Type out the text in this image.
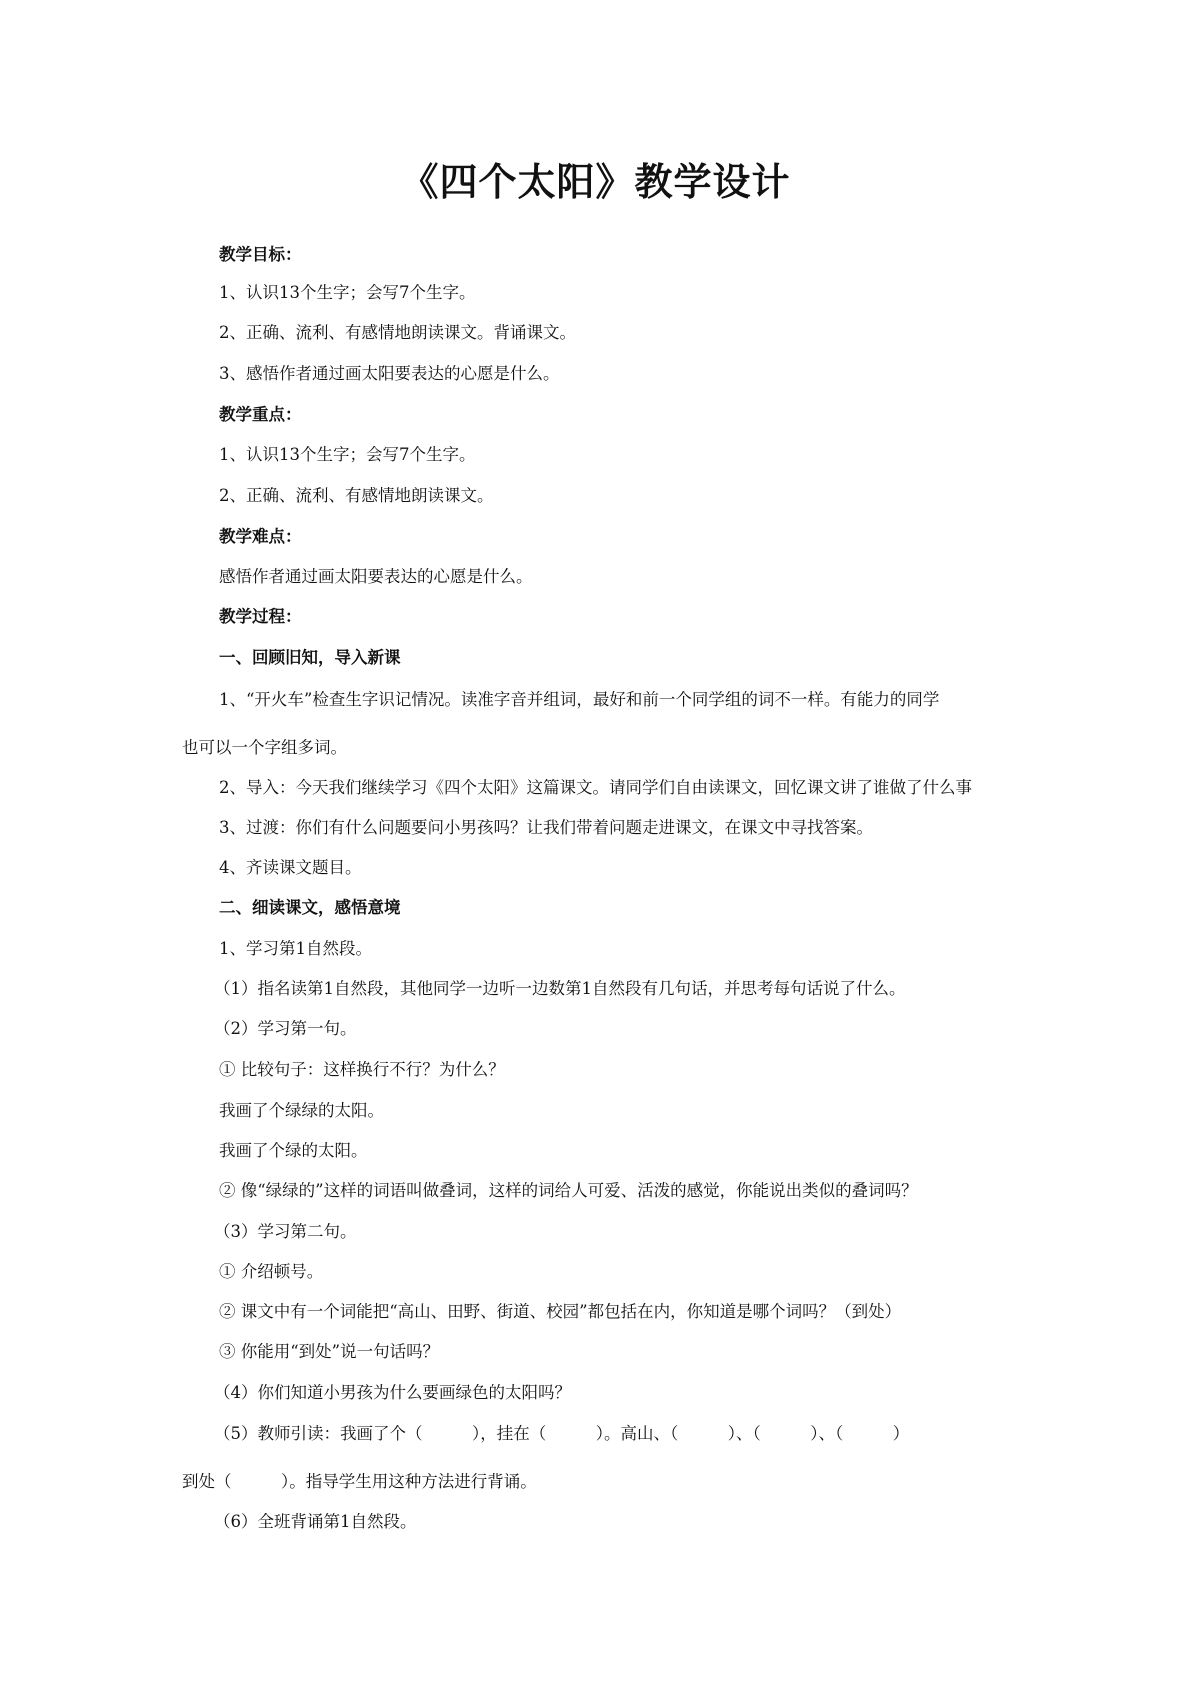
《四个太阳》教学设计
教学目标：
1、认识13个生字；会写7个生字。
2、正确、流利、有感情地朗读课文。背诵课文。
3、感悟作者通过画太阳要表达的心愿是什么。
教学重点：
1、认识13个生字；会写7个生字。
2、正确、流利、有感情地朗读课文。
教学难点：
感悟作者通过画太阳要表达的心愿是什么。
教学过程：
一、回顾旧知，导入新课
1、“开火车”检查生字识记情况。读准字音并组词，最好和前一个同学组的词不一样。有能力的同学
也可以一个字组多词。
2、导入：今天我们继续学习《四个太阳》这篇课文。请同学们自由读课文，回忆课文讲了谁做了什么事
3、过渡：你们有什么问题要问小男孩吗？让我们带着问题走进课文，在课文中寻找答案。
4、齐读课文题目。
二、细读课文，感悟意境
1、学习第1自然段。
（1）指名读第1自然段，其他同学一边听一边数第1自然段有几句话，并思考每句话说了什么。
（2）学习第一句。
① 比较句子：这样换行不行？为什么？
我画了个绿绿的太阳。
我画了个绿的太阳。
② 像“绿绿的”这样的词语叫做叠词，这样的词给人可爱、活泼的感觉，你能说出类似的叠词吗？
（3）学习第二句。
① 介绍顿号。
② 课文中有一个词能把“高山、田野、街道、校园”都包括在内，你知道是哪个词吗？（到处）
③ 你能用“到处”说一句话吗？
（4）你们知道小男孩为什么要画绿色的太阳吗？
（5）教师引读：我画了个（　　　），挂在（　　　）。高山、（　　　）、（　　　）、（　　　）
到处（　　　）。指导学生用这种方法进行背诵。
（6）全班背诵第1自然段。
